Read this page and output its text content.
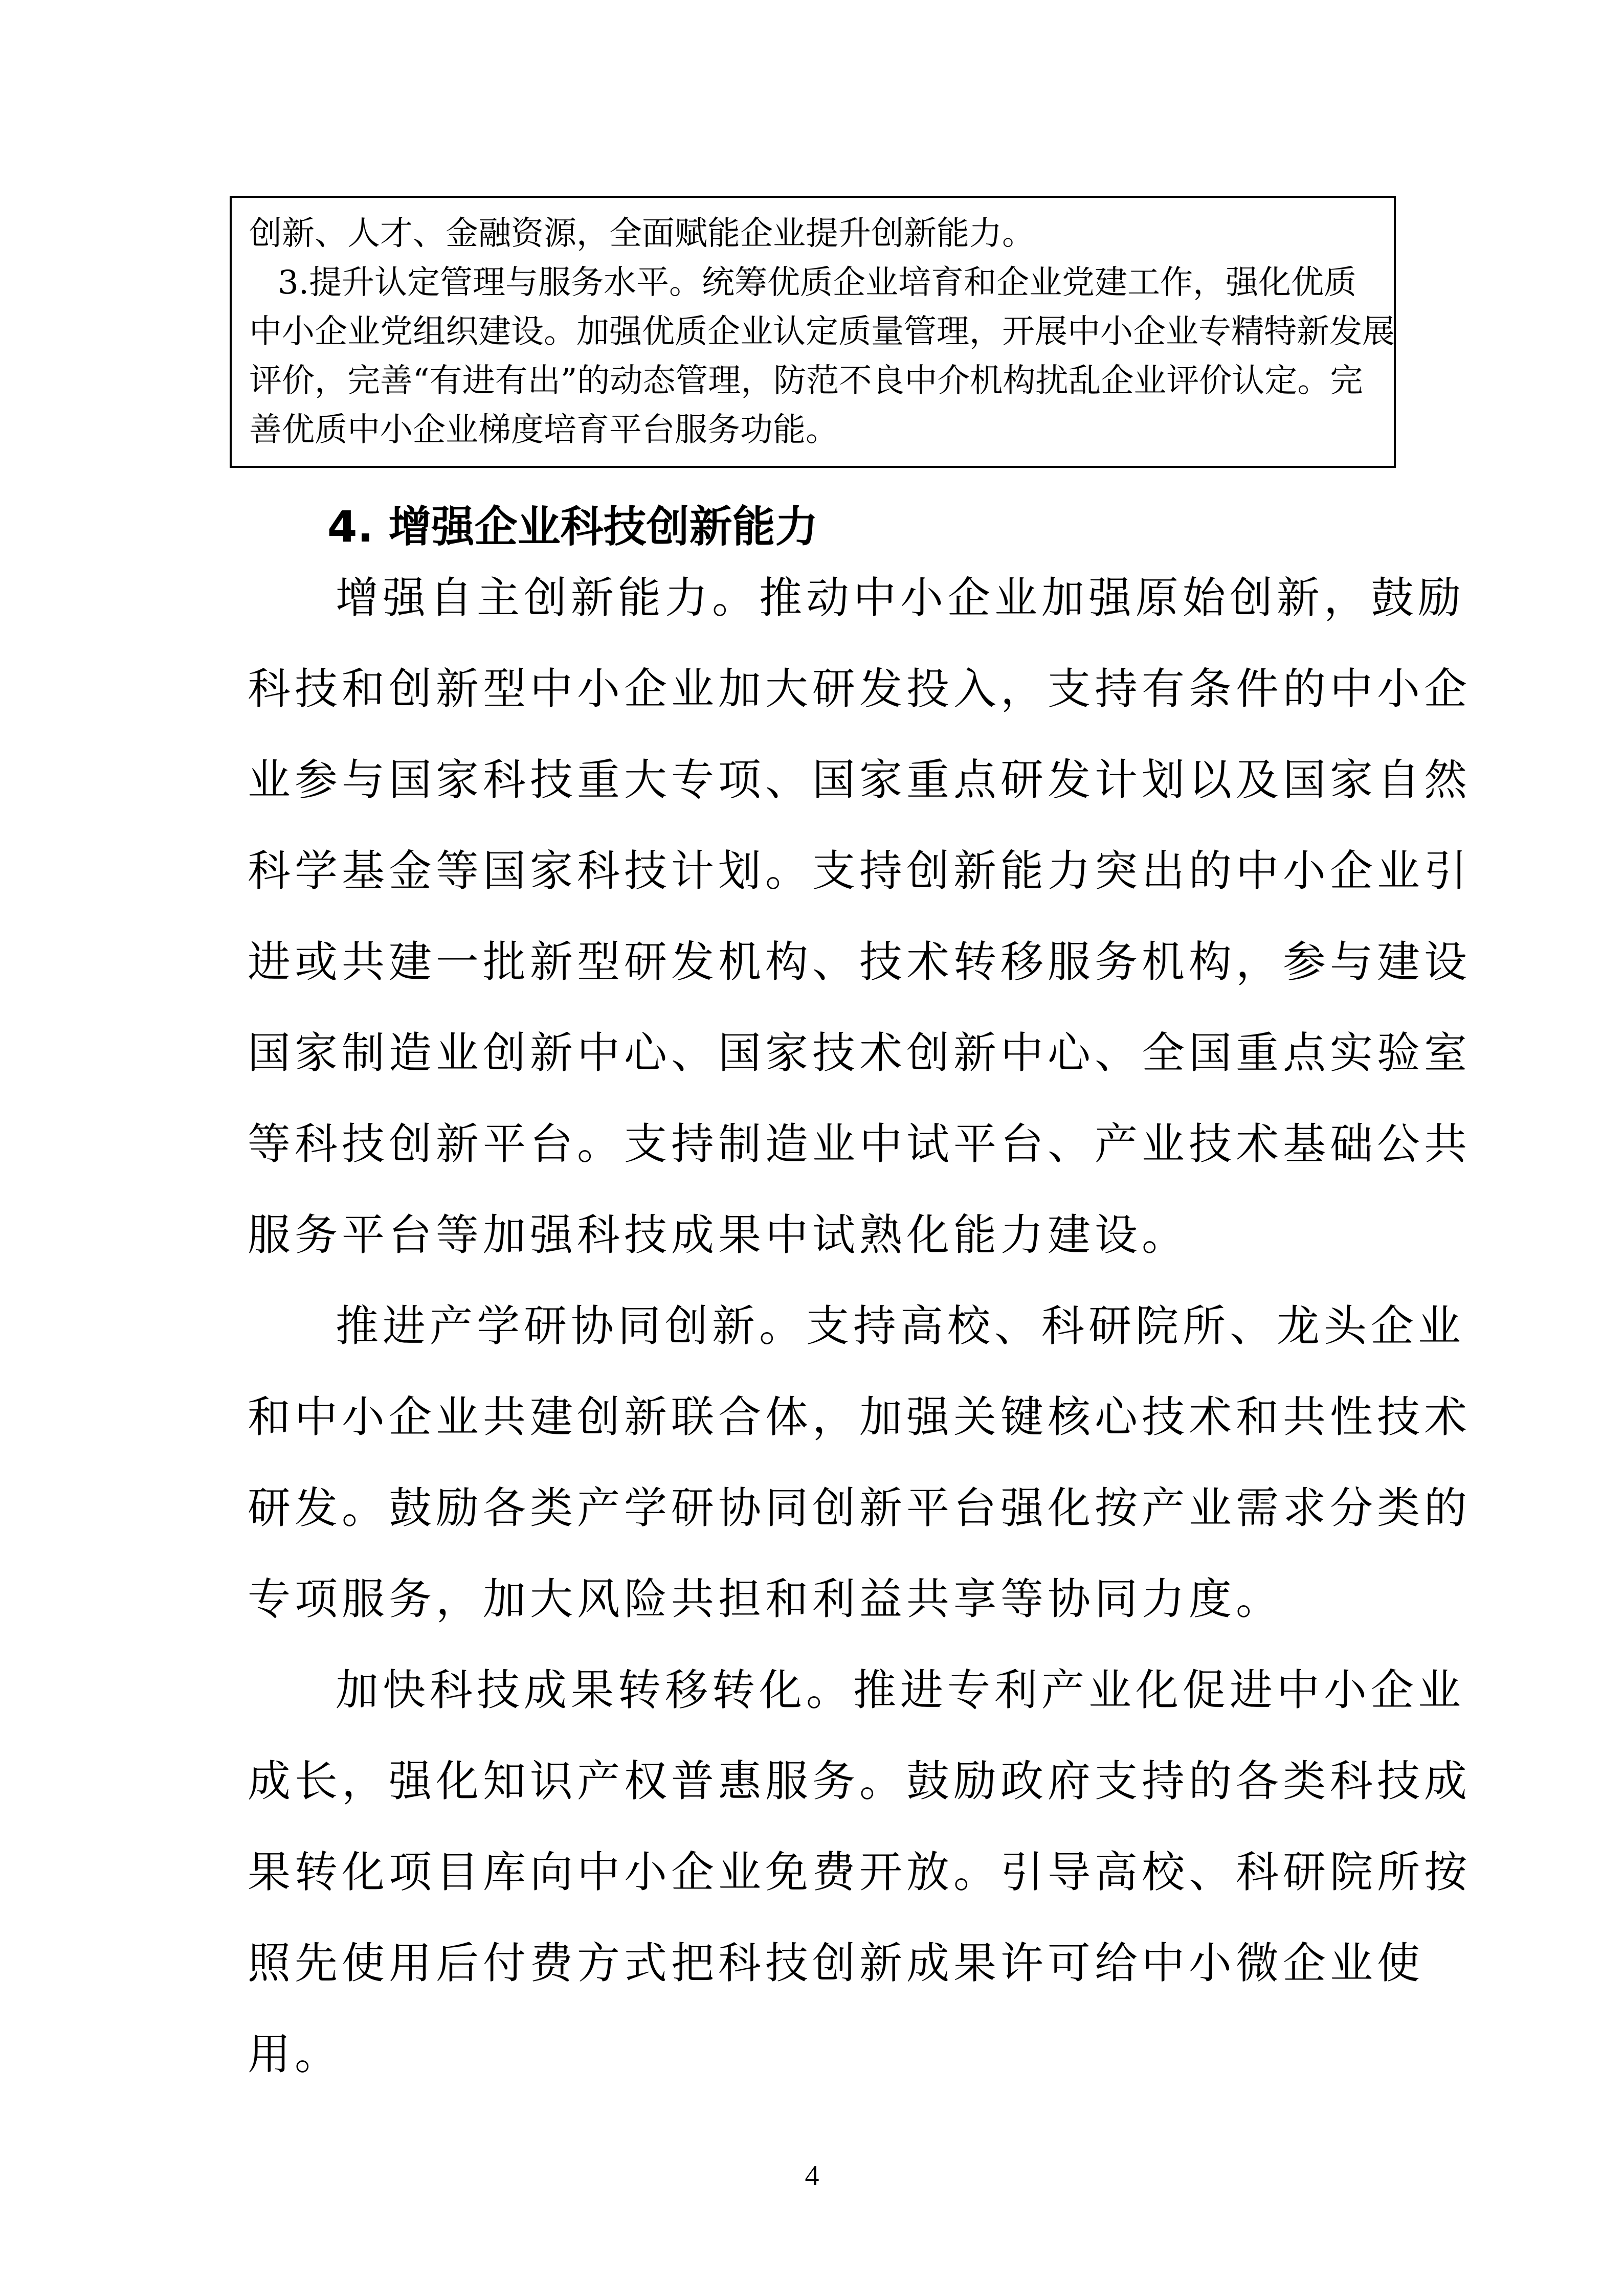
创新、人才、金融资源，全面赋能企业提升创新能力。

3.提升认定管理与服务水平。统筹优质企业培育和企业党建工作，强化优质

中小企业党组织建设。加强优质企业认定质量管理，开展中小企业专精特新发展

评价，完善“有进有出”的动态管理，防范不良中介机构扰乱企业评价认定。完

善优质中小企业梯度培育平台服务功能。

4. 增强企业科技创新能力

增强自主创新能力。推动中小企业加强原始创新，鼓励
科技和创新型中小企业加大研发投入，支持有条件的中小企
业参与国家科技重大专项、国家重点研发计划以及国家自然
科学基金等国家科技计划。支持创新能力突出的中小企业引
进或共建一批新型研发机构、技术转移服务机构，参与建设
国家制造业创新中心、国家技术创新中心、全国重点实验室
等科技创新平台。支持制造业中试平台、产业技术基础公共
服务平台等加强科技成果中试熟化能力建设。

推进产学研协同创新。支持高校、科研院所、龙头企业
和中小企业共建创新联合体，加强关键核心技术和共性技术
研发。鼓励各类产学研协同创新平台强化按产业需求分类的
专项服务，加大风险共担和利益共享等协同力度。

加快科技成果转移转化。推进专利产业化促进中小企业
成长，强化知识产权普惠服务。鼓励政府支持的各类科技成
果转化项目库向中小企业免费开放。引导高校、科研院所按
照先使用后付费方式把科技创新成果许可给中小微企业使
用。

4
